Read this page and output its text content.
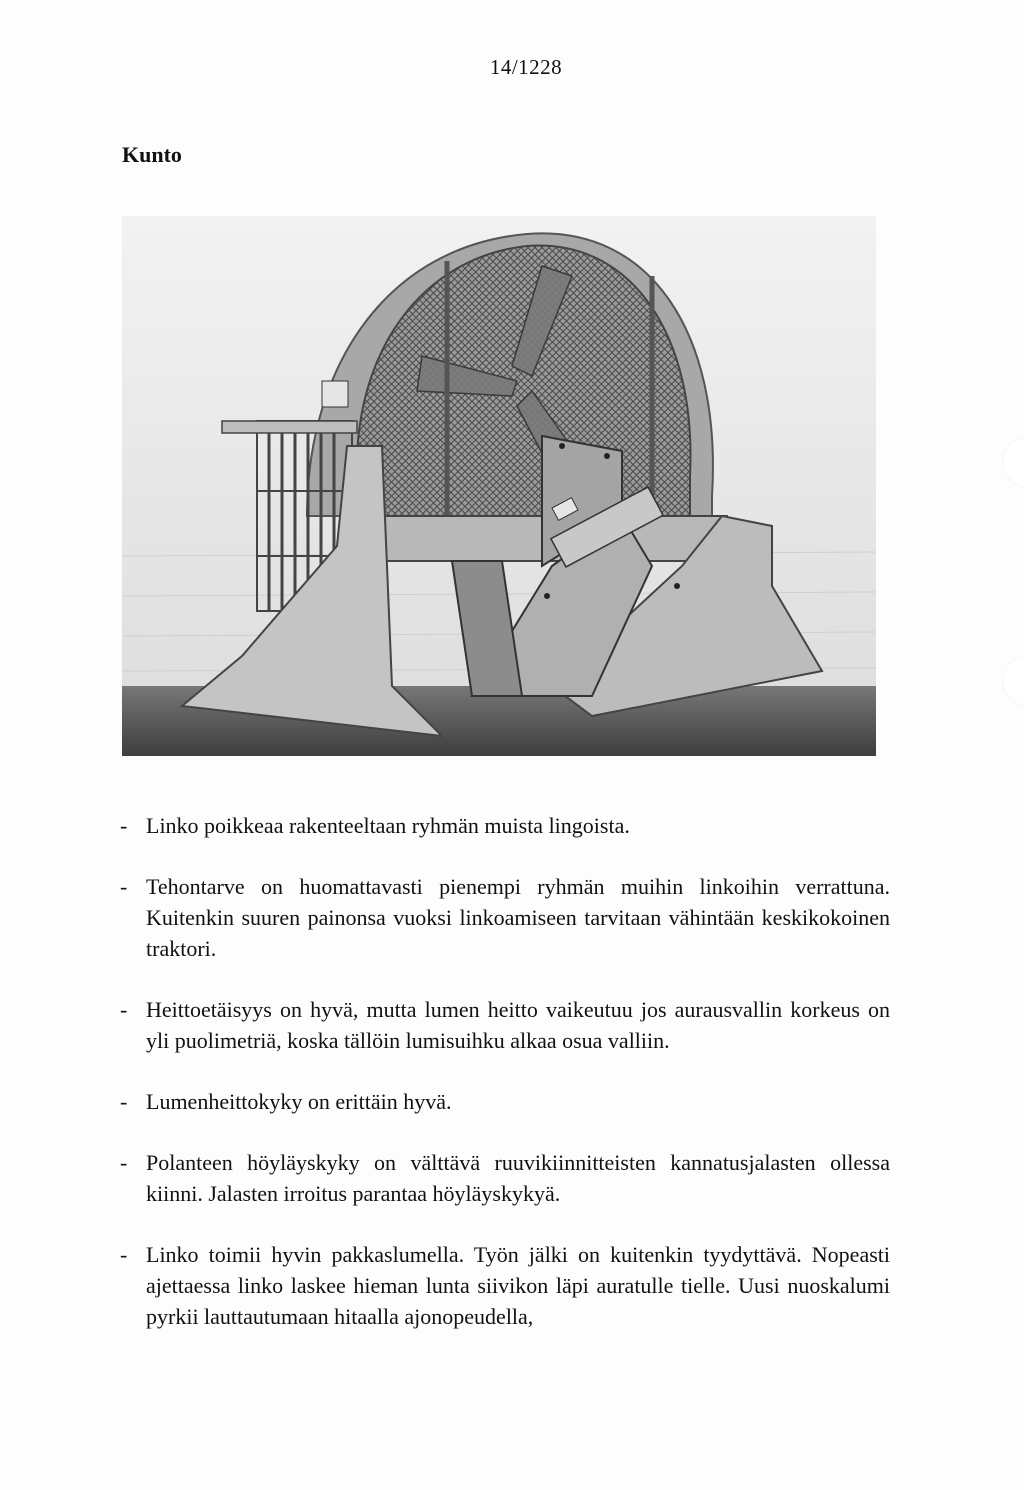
14/1228
Kunto
- Linko poikkeaa rakenteeltaan ryhmän muista lingoista.
- Tehontarve on huomattavasti pienempi ryhmän muihin linkoihin verrattuna. Kuitenkin suuren painonsa vuoksi linkoamiseen tarvitaan vähintään keskikokoinen traktori.
- Heittoetäisyys on hyvä, mutta lumen heitto vaikeutuu jos aurausvallin korkeus on yli puolimetriä, koska tällöin lumisuihku alkaa osua valliin.
- Lumenheittokyky on erittäin hyvä.
- Polanteen höyläyskyky on välttävä ruuvikiinnitteisten kannatusjalasten ollessa kiinni. Jalasten irroitus parantaa höyläyskykyä.
- Linko toimii hyvin pakkaslumella. Työn jälki on kuitenkin tyydyttävä. Nopeasti ajettaessa linko laskee hieman lunta siivikon läpi auratulle tielle. Uusi nuoskalumi pyrkii lauttautumaan hitaalla ajonopeudella,
